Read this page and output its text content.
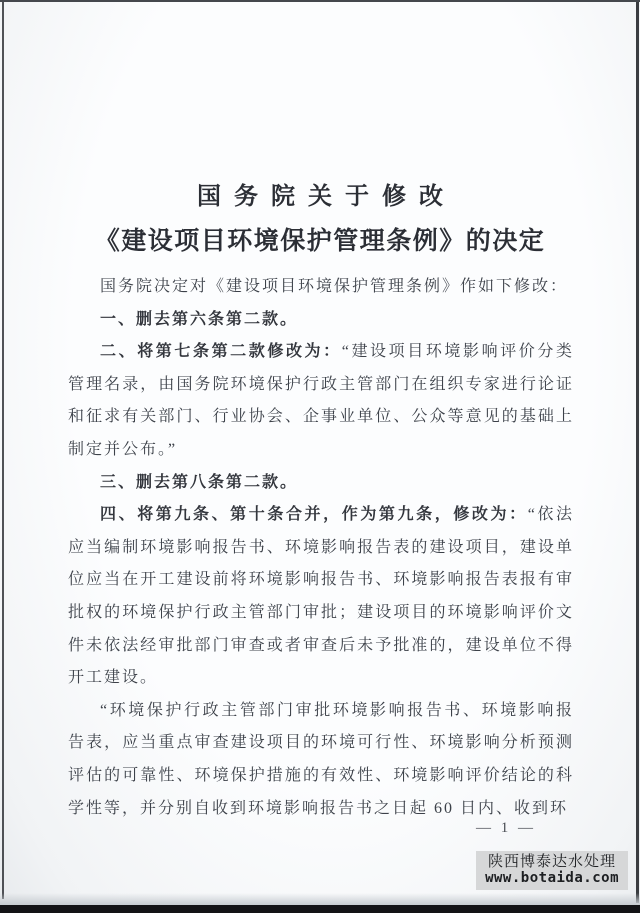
国务院关于修改
《建设项目环境保护管理条例》的决定

国务院决定对《建设项目环境保护管理条例》作如下修改：

一、删去第六条第二款。

二、将第七条第二款修改为：“建设项目环境影响评价分类管理名录，由国务院环境保护行政主管部门在组织专家进行论证和征求有关部门、行业协会、企事业单位、公众等意见的基础上制定并公布。”

三、删去第八条第二款。

四、将第九条、第十条合并，作为第九条，修改为：“依法应当编制环境影响报告书、环境影响报告表的建设项目，建设单位应当在开工建设前将环境影响报告书、环境影响报告表报有审批权的环境保护行政主管部门审批；建设项目的环境影响评价文件未依法经审批部门审查或者审查后未予批准的，建设单位不得开工建设。

“环境保护行政主管部门审批环境影响报告书、环境影响报告表，应当重点审查建设项目的环境可行性、环境影响分析预测评估的可靠性、环境保护措施的有效性、环境影响评价结论的科学性等，并分别自收到环境影响报告书之日起 60 日内、收到环

— 1 —
陕西博泰达水处理
www.botaida.com
